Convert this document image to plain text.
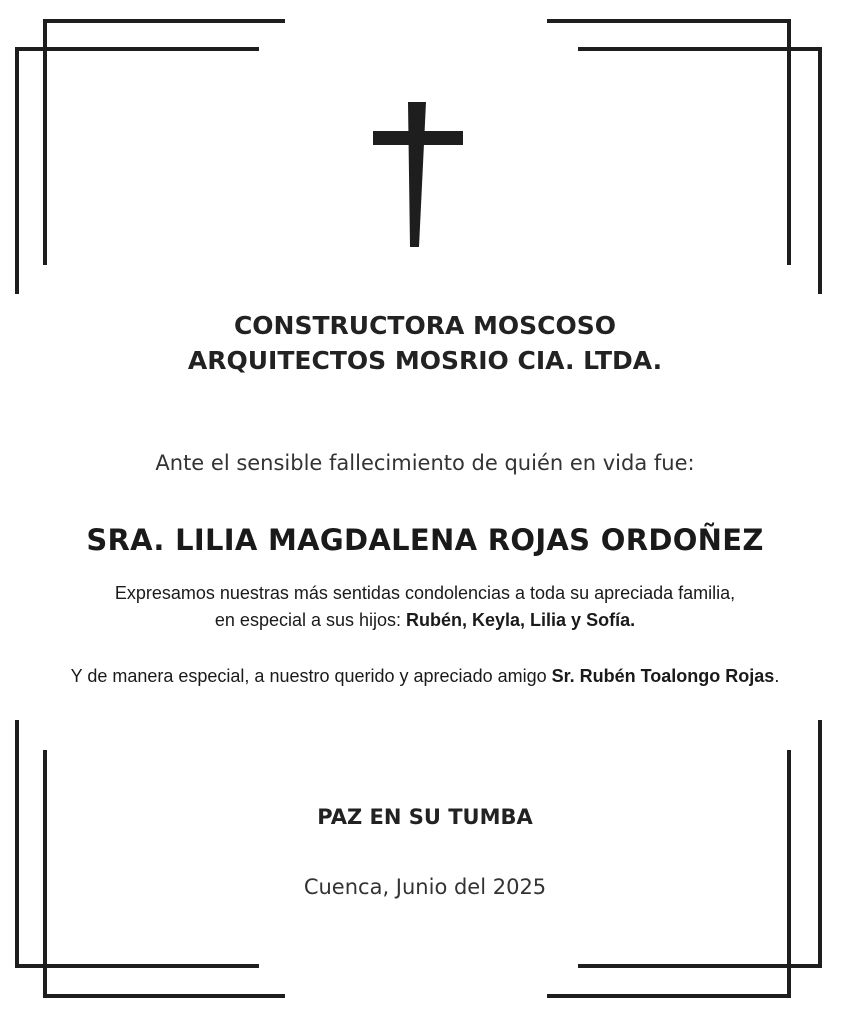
CONSTRUCTORA MOSCOSO
ARQUITECTOS MOSRIO CIA. LTDA.
Ante el sensible fallecimiento de quién en vida fue:
SRA. LILIA MAGDALENA ROJAS ORDOÑEZ
Expresamos nuestras más sentidas condolencias a toda su apreciada familia,
en especial a sus hijos: Rubén, Keyla, Lilia y Sofía.
Y de manera especial, a nuestro querido y apreciado amigo Sr. Rubén Toalongo Rojas.
PAZ EN SU TUMBA
Cuenca, Junio del 2025
